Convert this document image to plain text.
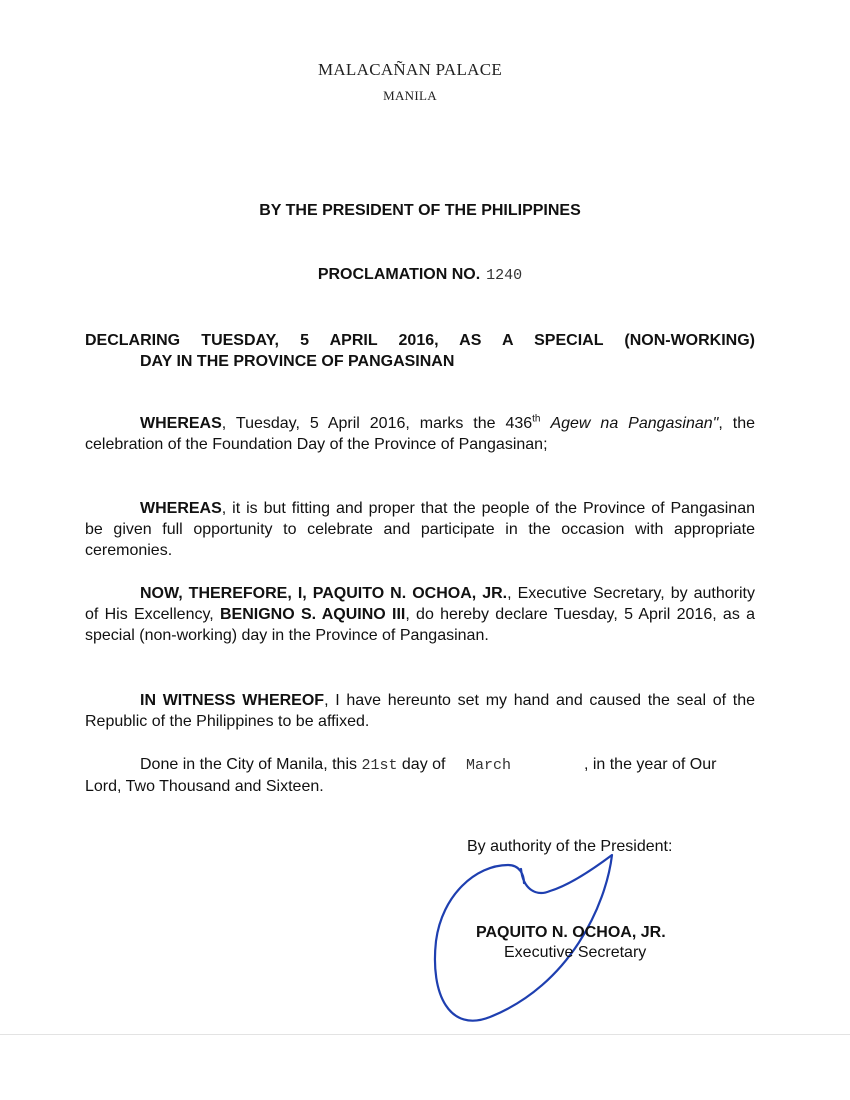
MALACAÑAN PALACE
MANILA
BY THE PRESIDENT OF THE PHILIPPINES
PROCLAMATION NO. 1240
DECLARING TUESDAY, 5 APRIL 2016, AS A SPECIAL (NON-WORKING)
DAY IN THE PROVINCE OF PANGASINAN
WHEREAS, Tuesday, 5 April 2016, marks the 436th Agew na Pangasinan", the celebration of the Foundation Day of the Province of Pangasinan;
WHEREAS, it is but fitting and proper that the people of the Province of Pangasinan be given full opportunity to celebrate and participate in the occasion with appropriate ceremonies.
NOW, THEREFORE, I, PAQUITO N. OCHOA, JR., Executive Secretary, by authority of His Excellency, BENIGNO S. AQUINO III, do hereby declare Tuesday, 5 April 2016, as a special (non-working) day in the Province of Pangasinan.
IN WITNESS WHEREOF, I have hereunto set my hand and caused the seal of the Republic of the Philippines to be affixed.
Done in the City of Manila, this 21st day of March	, in the year of Our Lord, Two Thousand and Sixteen.
By authority of the President:
PAQUITO N. OCHOA, JR.
Executive Secretary
